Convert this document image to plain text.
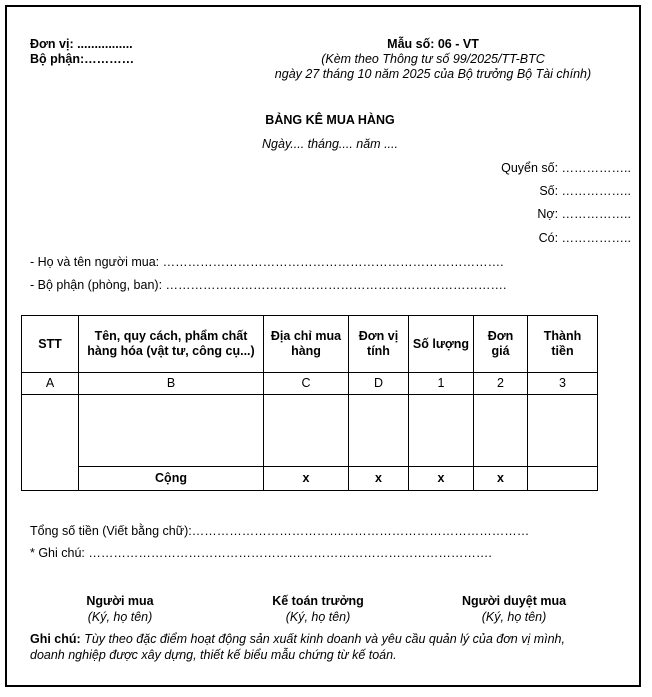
Đơn vị: ................
Bộ phận:…………
Mẫu số: 06 - VT
(Kèm theo Thông tư số 99/2025/TT-BTC
ngày 27 tháng 10 năm 2025 của Bộ trưởng Bộ Tài chính)
BẢNG KÊ MUA HÀNG
Ngày.... tháng.... năm ....
Quyển số: ……………..
Số: ……………..
Nợ: ……………..
Có: ……………..
- Họ và tên người mua: ……………………………………………………………………….
- Bộ phận (phòng, ban): ……………………………………………………………………….
STT	Tên, quy cách, phẩm chất hàng hóa (vật tư, công cụ...)	Địa chỉ mua hàng	Đơn vị tính	Số lượng	Đơn giá	Thành tiền
A	B	C	D	1	2	3

	Cộng	x	x	x	x	
Tổng số tiền (Viết bằng chữ):………………………………………………………………………
* Ghi chú: …………………………………………………………………………………….
Người mua
(Ký, họ tên)
Kế toán trưởng
(Ký, họ tên)
Người duyệt mua
(Ký, họ tên)
Ghi chú: Tùy theo đặc điểm hoạt động sản xuất kinh doanh và yêu cầu quản lý của đơn vị mình,
doanh nghiệp được xây dựng, thiết kế biểu mẫu chứng từ kế toán.
